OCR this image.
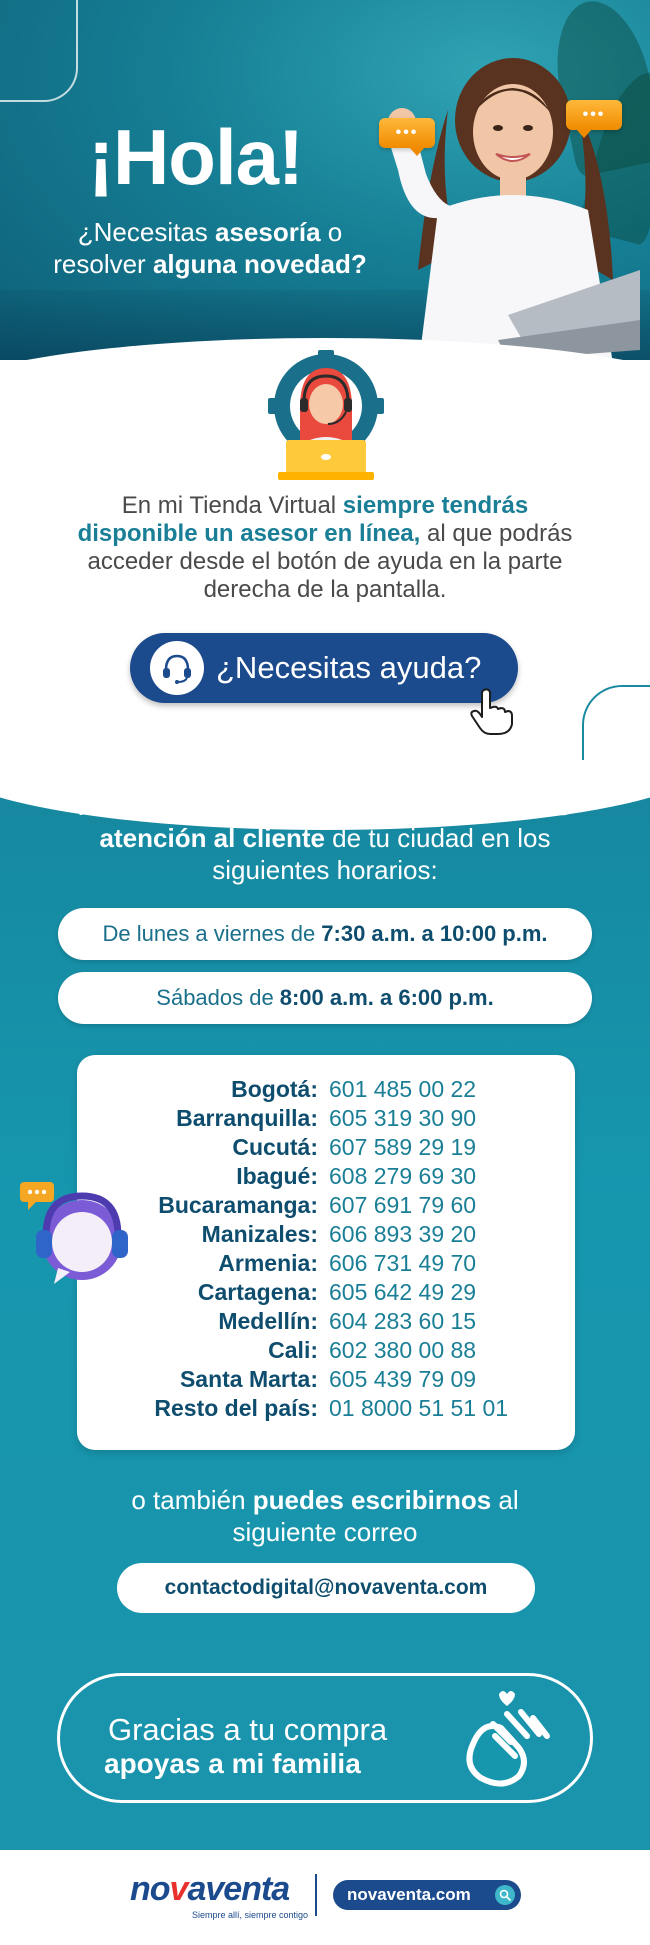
•••
•••
¡Hola!
¿Necesitas asesoría o resolver alguna novedad?
En mi Tienda Virtual siempre tendrás disponible un asesor en línea, al que podrás acceder desde el botón de ayuda en la parte derecha de la pantalla.
¿Necesitas ayuda?
Además, podrás comunicarte a la línea de atención al cliente de tu ciudad en los siguientes horarios:
De lunes a viernes de 7:30 a.m. a 10:00 p.m.
Sábados de 8:00 a.m. a 6:00 p.m.
Bogotá: 601 485 00 22
Barranquilla: 605 319 30 90
Cucutá: 607 589 29 19
Ibagué: 608 279 69 30
Bucaramanga: 607 691 79 60
Manizales: 606 893 39 20
Armenia: 606 731 49 70
Cartagena: 605 642 49 29
Medellín: 604 283 60 15
Cali: 602 380 00 88
Santa Marta: 605 439 79 09
Resto del país: 01 8000 51 51 01
o también puedes escribirnos al siguiente correo
contactodigital@novaventa.com
Gracias a tu compra
apoyas a mi familia
novaventa
Siempre allí, siempre contigo
novaventa.com
